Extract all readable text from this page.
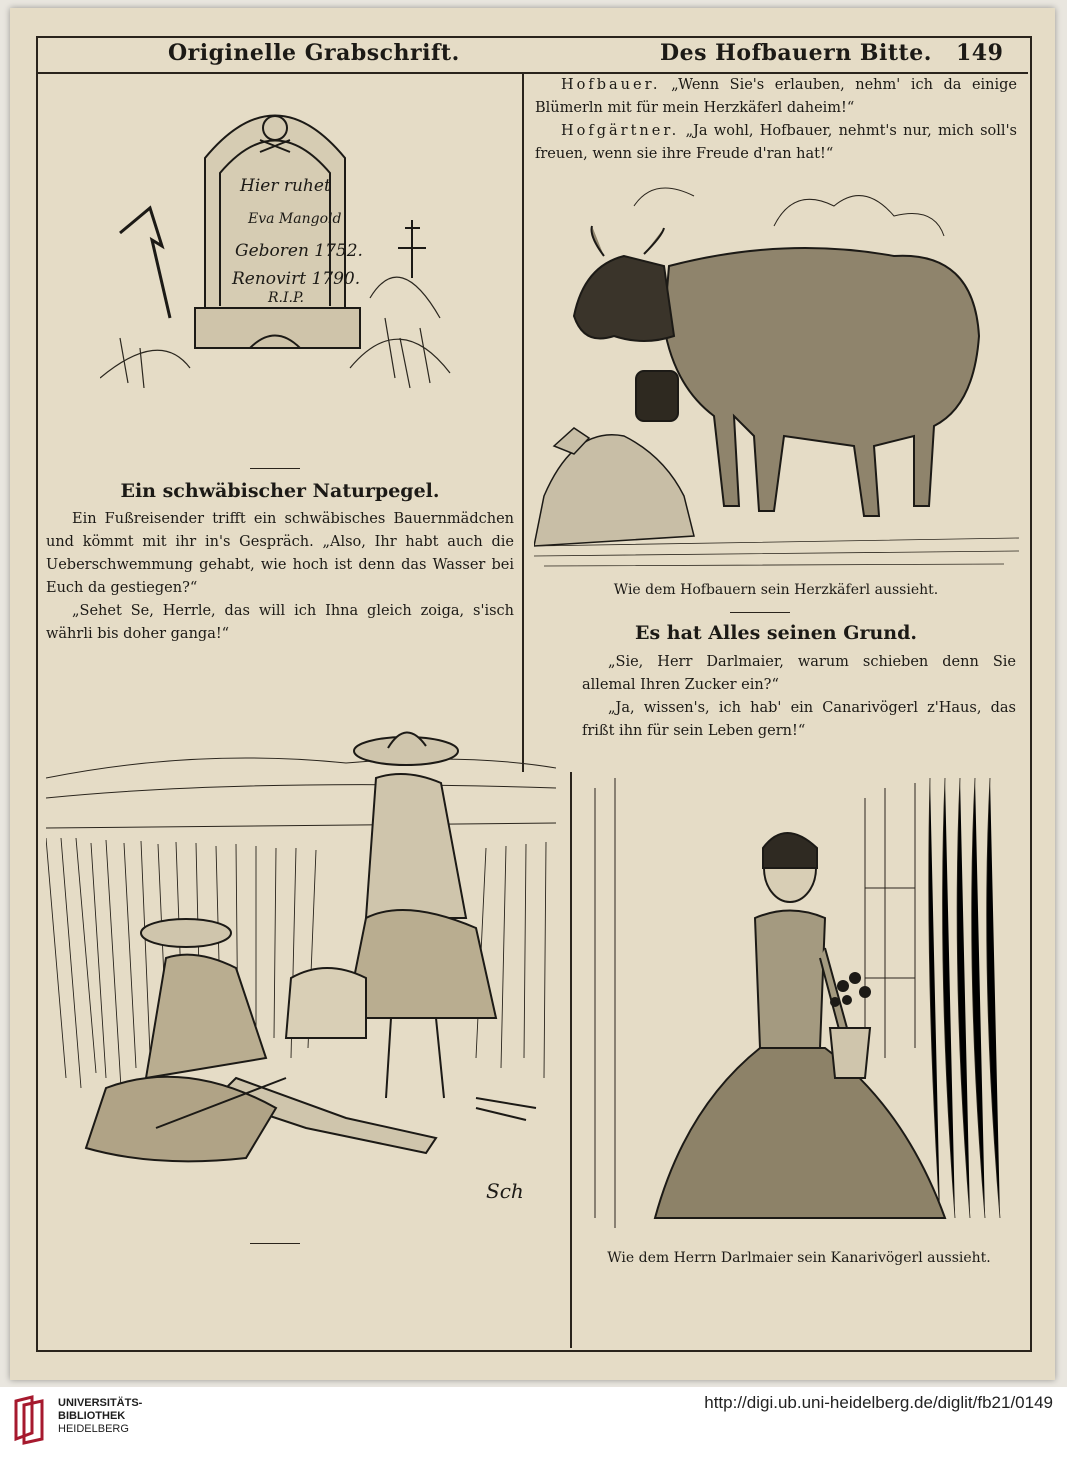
Originelle Grabschrift.	Des Hofbauern Bitte. 149
Hier ruhet
Eva Mangold
Geboren 1752.
Renovirt 1790.
R.I.P.
Ein schwäbischer Naturpegel.

Ein Fußreisender trifft ein schwäbisches Bauernmädchen und kömmt mit ihr in's Gespräch. „Also, Ihr habt auch die Ueberschwemmung gehabt, wie hoch ist denn das Wasser bei Euch da gestiegen?“

„Sehet Se, Herrle, das will ich Ihna gleich zoiga, s'isch währli bis doher ganga!“

Sch

Hofbauer. „Wenn Sie's erlauben, nehm' ich da einige Blümerln mit für mein Herzkäferl daheim!“

Hofgärtner. „Ja wohl, Hofbauer, nehmt's nur, mich soll's freuen, wenn sie ihre Freude d'ran hat!“

Wie dem Hofbauern sein Herzkäferl aussieht.
Es hat Alles seinen Grund.

„Sie, Herr Darlmaier, warum schieben denn Sie allemal Ihren Zucker ein?“

„Ja, wissen's, ich hab' ein Canarivögerl z'Haus, das frißt ihn für sein Leben gern!“

Wie dem Herrn Darlmaier sein Kanarivögerl aussieht.
UNIVERSITÄTS-
BIBLIOTHEK
HEIDELBERG
http://digi.ub.uni-heidelberg.de/diglit/fb21/0149
